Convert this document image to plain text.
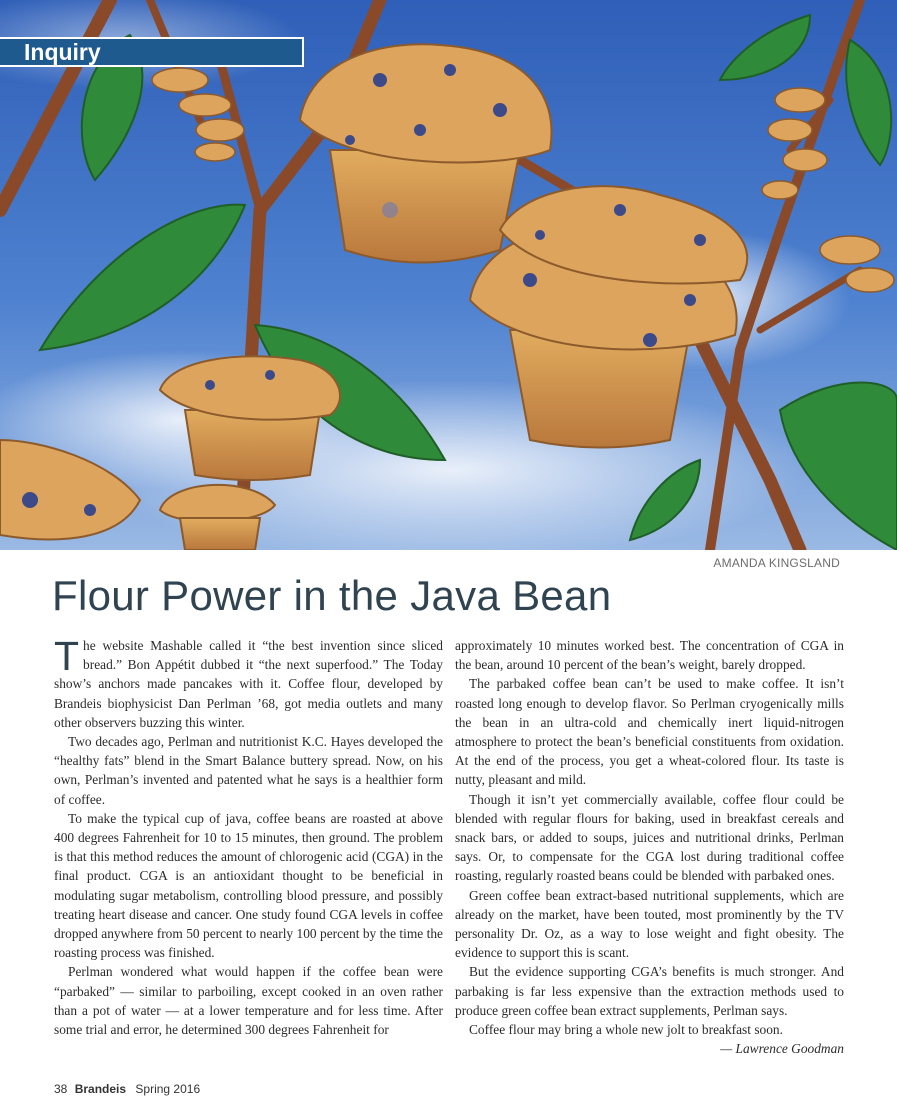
Inquiry
AMANDA KINGSLAND
Flour Power in the Java Bean

The website Mashable called it “the best invention since sliced bread.” Bon Appétit dubbed it “the next superfood.” The Today show’s anchors made pancakes with it. Coffee flour, developed by Brandeis biophysicist Dan Perlman ’68, got media outlets and many other observers buzzing this winter.

Two decades ago, Perlman and nutritionist K.C. Hayes developed the “healthy fats” blend in the Smart Balance buttery spread. Now, on his own, Perlman’s invented and patented what he says is a healthier form of coffee.

To make the typical cup of java, coffee beans are roasted at above 400 degrees Fahrenheit for 10 to 15 minutes, then ground. The problem is that this method reduces the amount of chlorogenic acid (CGA) in the final product. CGA is an antioxidant thought to be beneficial in modulating sugar metabolism, controlling blood pressure, and possibly treating heart disease and cancer. One study found CGA levels in coffee dropped anywhere from 50 percent to nearly 100 percent by the time the roasting process was finished.

Perlman wondered what would happen if the coffee bean were “parbaked” — similar to parboiling, except cooked in an oven rather than a pot of water — at a lower temperature and for less time. After some trial and error, he determined 300 degrees Fahrenheit for

approximately 10 minutes worked best. The concentration of CGA in the bean, around 10 percent of the bean’s weight, barely dropped.

The parbaked coffee bean can’t be used to make coffee. It isn’t roasted long enough to develop flavor. So Perlman cryogenically mills the bean in an ultra-cold and chemically inert liquid-nitrogen atmosphere to protect the bean’s beneficial constituents from oxidation. At the end of the process, you get a wheat-colored flour. Its taste is nutty, pleasant and mild.

Though it isn’t yet commercially available, coffee flour could be blended with regular flours for baking, used in breakfast cereals and snack bars, or added to soups, juices and nutritional drinks, Perlman says. Or, to compensate for the CGA lost during traditional coffee roasting, regularly roasted beans could be blended with parbaked ones.

Green coffee bean extract-based nutritional supplements, which are already on the market, have been touted, most prominently by the TV personality Dr. Oz, as a way to lose weight and fight obesity. The evidence to support this is scant.

But the evidence supporting CGA’s benefits is much stronger. And parbaking is far less expensive than the extraction methods used to produce green coffee bean extract supplements, Perlman says.

Coffee flour may bring a whole new jolt to breakfast soon.

— Lawrence Goodman
38 Brandeis Spring 2016
